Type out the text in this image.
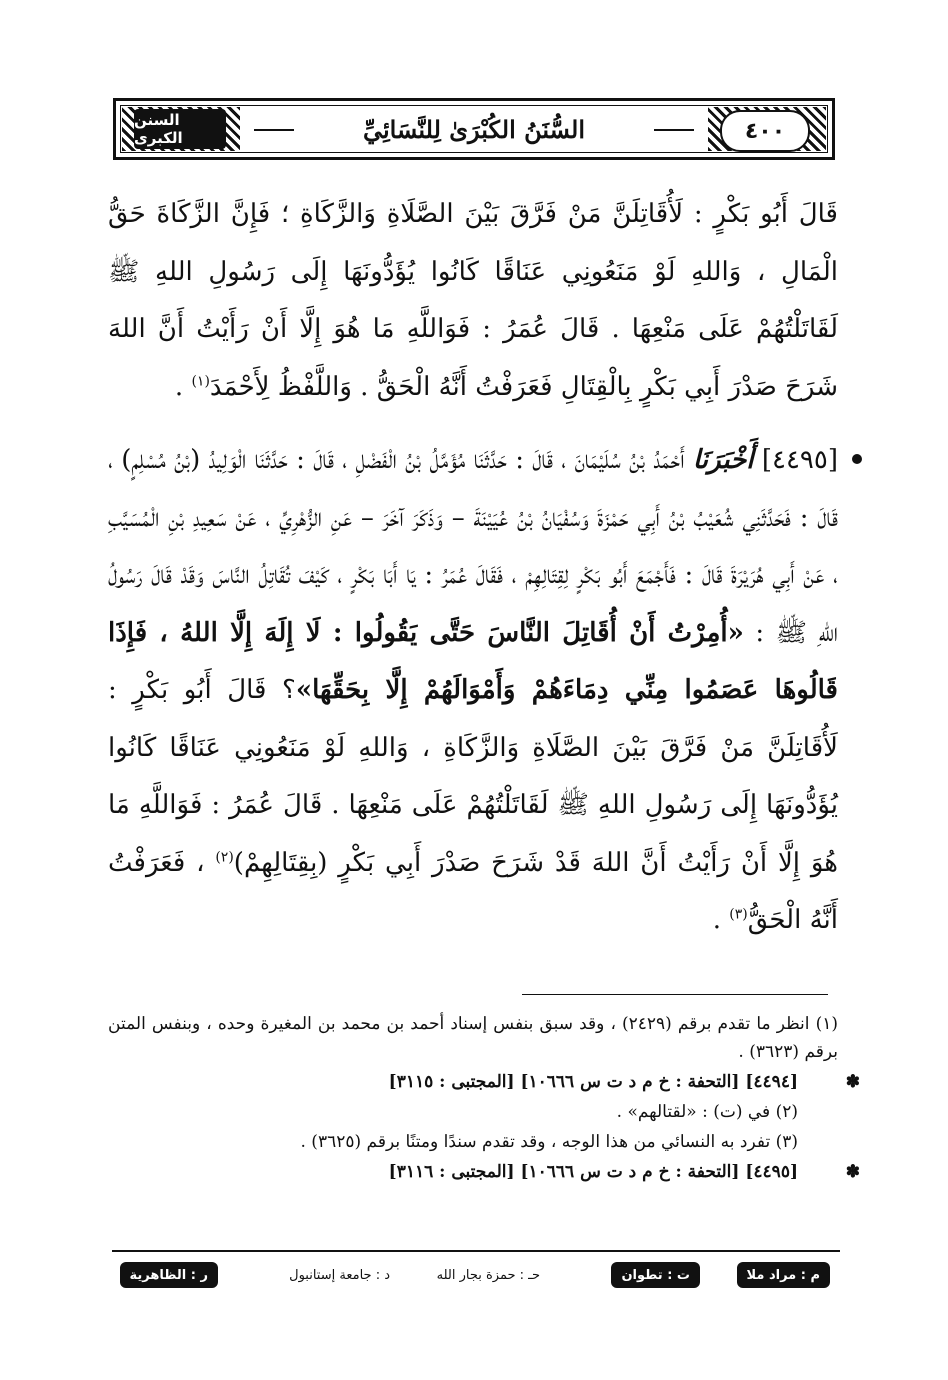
٤٠٠
السنن الكبرى	السُّنَنُ الكُبْرَىٰ لِلنَّسَائِيِّ

قَالَ أَبُو بَكْرٍ : لَأُقَاتِلَنَّ مَنْ فَرَّقَ بَيْنَ الصَّلَاةِ وَالزَّكَاةِ ؛ فَإِنَّ الزَّكَاةَ حَقُّ الْمَالِ ، وَاللهِ لَوْ مَنَعُونِي عَنَاقًا كَانُوا يُؤَدُّونَهَا إِلَى رَسُولِ اللهِ ﷺ لَقَاتَلْتُهُمْ عَلَى مَنْعِهَا . قَالَ عُمَرُ : فَوَاللَّهِ مَا هُوَ إِلَّا أَنْ رَأَيْتُ أَنَّ اللهَ شَرَحَ صَدْرَ أَبِي بَكْرٍ بِالْقِتَالِ فَعَرَفْتُ أَنَّهُ الْحَقُّ . وَاللَّفْظُ لِأَحْمَدَ$^{(١)}$ .

[٤٤٩٥] أَخْبَرَنَا أَحْمَدُ بْنُ سُلَيْمَانَ ، قَالَ : حَدَّثَنَا مُؤَمَّلُ بْنُ الْفَضْلِ ، قَالَ : حَدَّثَنَا الْوَلِيدُ (بْنُ مُسْلِمٍ) ، قَالَ : فَحَدَّثَنِي شُعَيْبُ بْنُ أَبِي حَمْزَةَ وَسُفْيَانُ بْنُ عُيَيْنَةَ – وَذَكَرَ آخَرَ – عَنِ الزُّهْرِيِّ ، عَنْ سَعِيدِ بْنِ الْمُسَيَّبِ ، عَنْ أَبِي هُرَيْرَةَ قَالَ : فَأَجْمَعَ أَبُو بَكْرٍ لِقِتَالِهِمْ ، فَقَالَ عُمَرُ : يَا أَبَا بَكْرٍ ، كَيْفَ تُقَاتِلُ النَّاسَ وَقَدْ قَالَ رَسُولُ اللهِ ﷺ : «أُمِرْتُ أَنْ أُقَاتِلَ النَّاسَ حَتَّى يَقُولُوا : لَا إِلَهَ إِلَّا اللهُ ، فَإِذَا قَالُوهَا عَصَمُوا مِنِّي دِمَاءَهُمْ وَأَمْوَالَهُمْ إِلَّا بِحَقِّهَا»؟ قَالَ أَبُو بَكْرٍ : لَأُقَاتِلَنَّ مَنْ فَرَّقَ بَيْنَ الصَّلَاةِ وَالزَّكَاةِ ، وَاللهِ لَوْ مَنَعُونِي عَنَاقًا كَانُوا يُؤَدُّونَهَا إِلَى رَسُولِ اللهِ ﷺ لَقَاتَلْتُهُمْ عَلَى مَنْعِهَا . قَالَ عُمَرُ : فَوَاللَّهِ مَا هُوَ إِلَّا أَنْ رَأَيْتُ أَنَّ اللهَ قَدْ شَرَحَ صَدْرَ أَبِي بَكْرٍ (بِقِتَالِهِمْ)$^{(٢)}$ ، فَعَرَفْتُ أَنَّهُ الْحَقُّ$^{(٣)}$ .

(١) انظر ما تقدم برقم (٢٤٢٩) ، وقد سبق بنفس إسناد أحمد بن محمد بن المغيرة وحده ، وبنفس المتن برقم (٣٦٢٣) .

✽
[٤٤٩٤] [التحفة : خ م د ت س ١٠٦٦٦] [المجتبى : ٣١١٥]

(٢) في (ت) : «لقتالهم» .

(٣) تفرد به النسائي من هذا الوجه ، وقد تقدم سندًا ومتنًا برقم (٣٦٢٥) .

✽
[٤٤٩٥] [التحفة : خ م د ت س ١٠٦٦٦] [المجتبى : ٣١١٦]

م : مراد ملا
ت : تطوان
حـ : حمزة بجار الله
د : جامعة إستانبول
ر : الظاهرية
